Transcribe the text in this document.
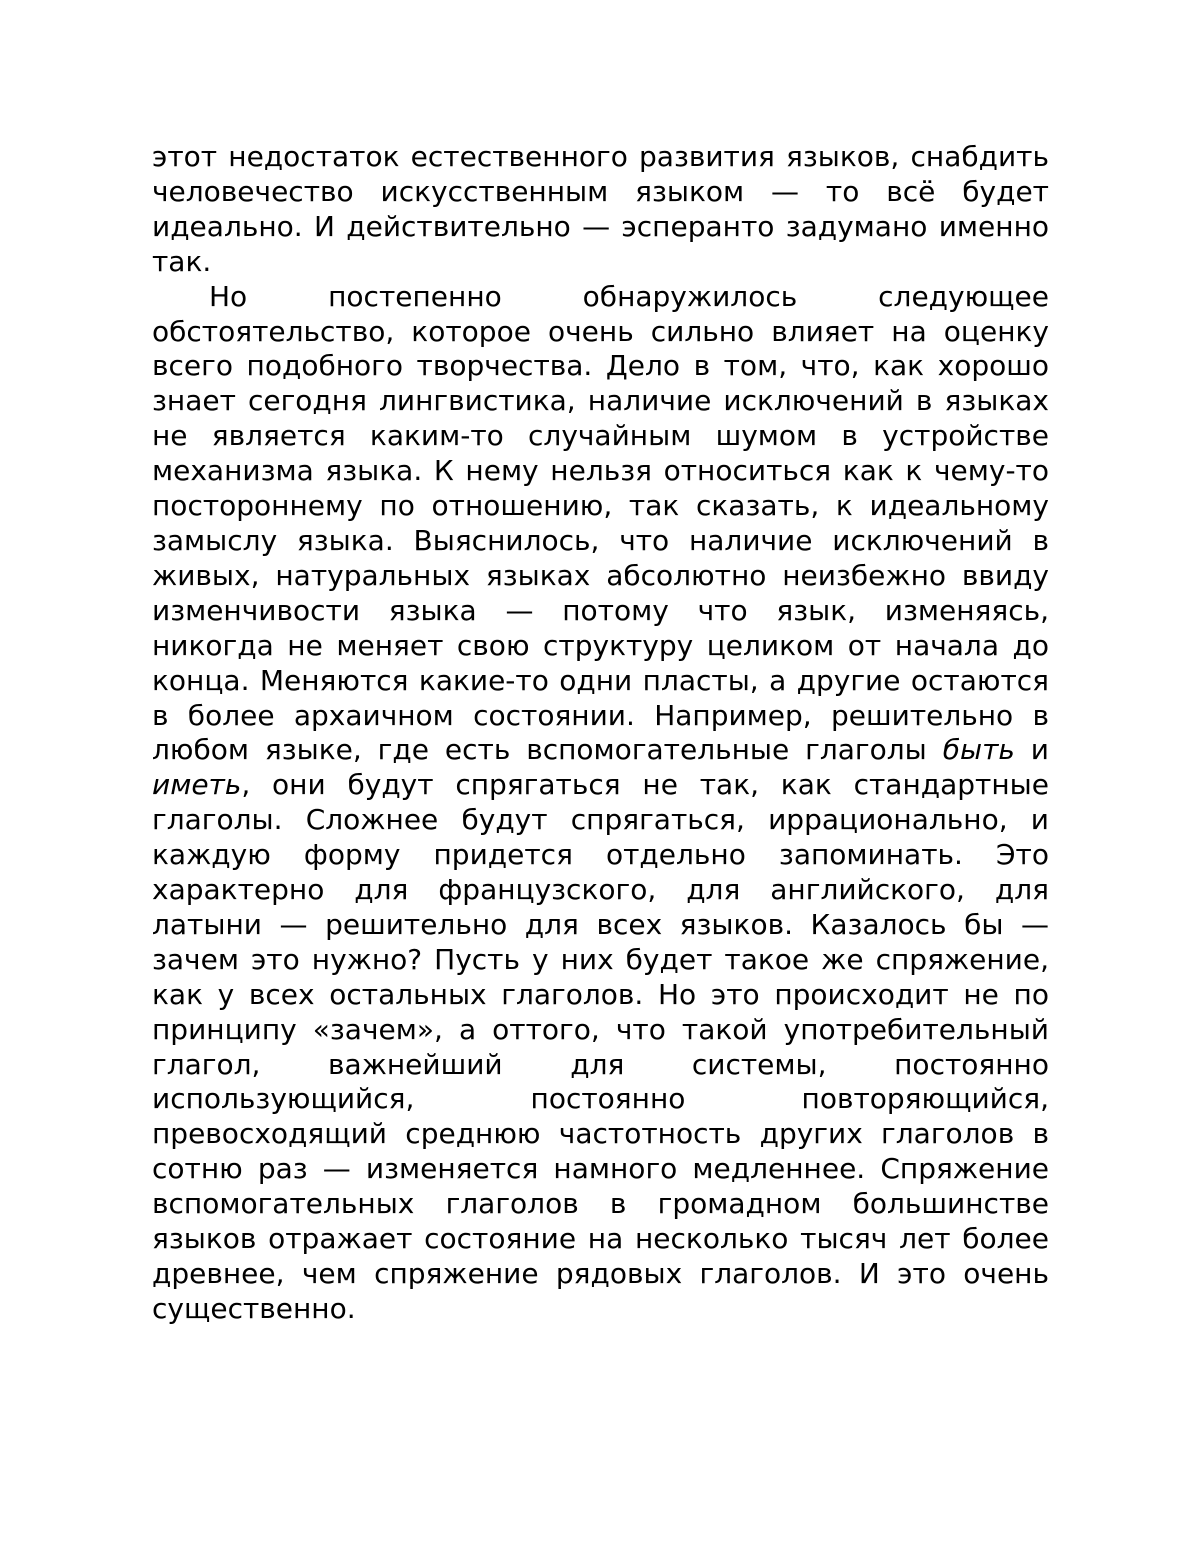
этот недостаток естественного развития языков, снабдить человечество искусственным языком — то всё будет идеально. И действительно — эсперанто задумано именно так.

Но постепенно обнаружилось следующее обстоятельство, которое очень сильно влияет на оценку всего подобного творчества. Дело в том, что, как хорошо знает сегодня лингвистика, наличие исключений в языках не является каким-то случайным шумом в устройстве механизма языка. К нему нельзя относиться как к чему-то постороннему по отношению, так сказать, к идеальному замыслу языка. Выяснилось, что наличие исключений в живых, натуральных языках абсолютно неизбежно ввиду изменчивости языка — потому что язык, изменяясь, никогда не меняет свою структуру целиком от начала до конца. Меняются какие-то одни пласты, а другие остаются в более архаичном состоянии. Например, решительно в любом языке, где есть вспомогательные глаголы быть и иметь, они будут спрягаться не так, как стандартные глаголы. Сложнее будут спрягаться, иррационально, и каждую форму придется отдельно запоминать. Это характерно для французского, для английского, для латыни — решительно для всех языков. Казалось бы — зачем это нужно? Пусть у них будет такое же спряжение, как у всех остальных глаголов. Но это происходит не по принципу «зачем», а оттого, что такой употребительный глагол, важнейший для системы, постоянно использующийся, постоянно повторяющийся, превосходящий среднюю частотность других глаголов в сотню раз — изменяется намного медленнее. Спряжение вспомогательных глаголов в громадном большинстве языков отражает состояние на несколько тысяч лет более древнее, чем спряжение рядовых глаголов. И это очень существенно.
